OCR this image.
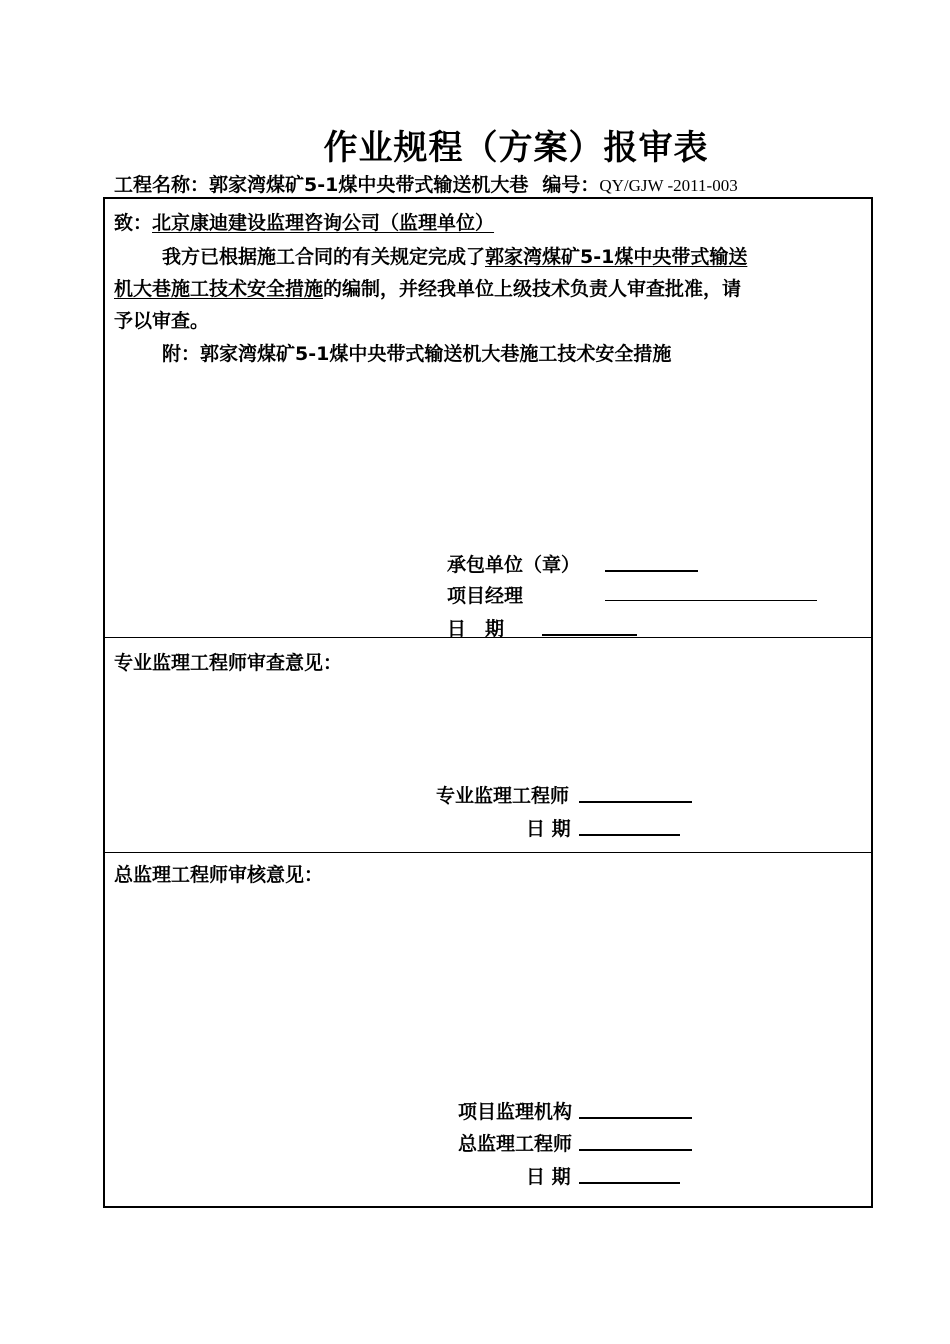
作业规程（方案）报审表
工程名称：郭家湾煤矿5-1煤中央带式输送机大巷 编号：QY/GJW -2011-003
致：北京康迪建设监理咨询公司（监理单位）
我方已根据施工合同的有关规定完成了郭家湾煤矿5-1煤中央带式输送
机大巷施工技术安全措施的编制，并经我单位上级技术负责人审查批准，请
予以审查。
附：郭家湾煤矿5-1煤中央带式输送机大巷施工技术安全措施
承包单位（章）
项目经理
日　期
专业监理工程师审查意见：
专业监理工程师
日 期
总监理工程师审核意见：
项目监理机构
总监理工程师
日 期
